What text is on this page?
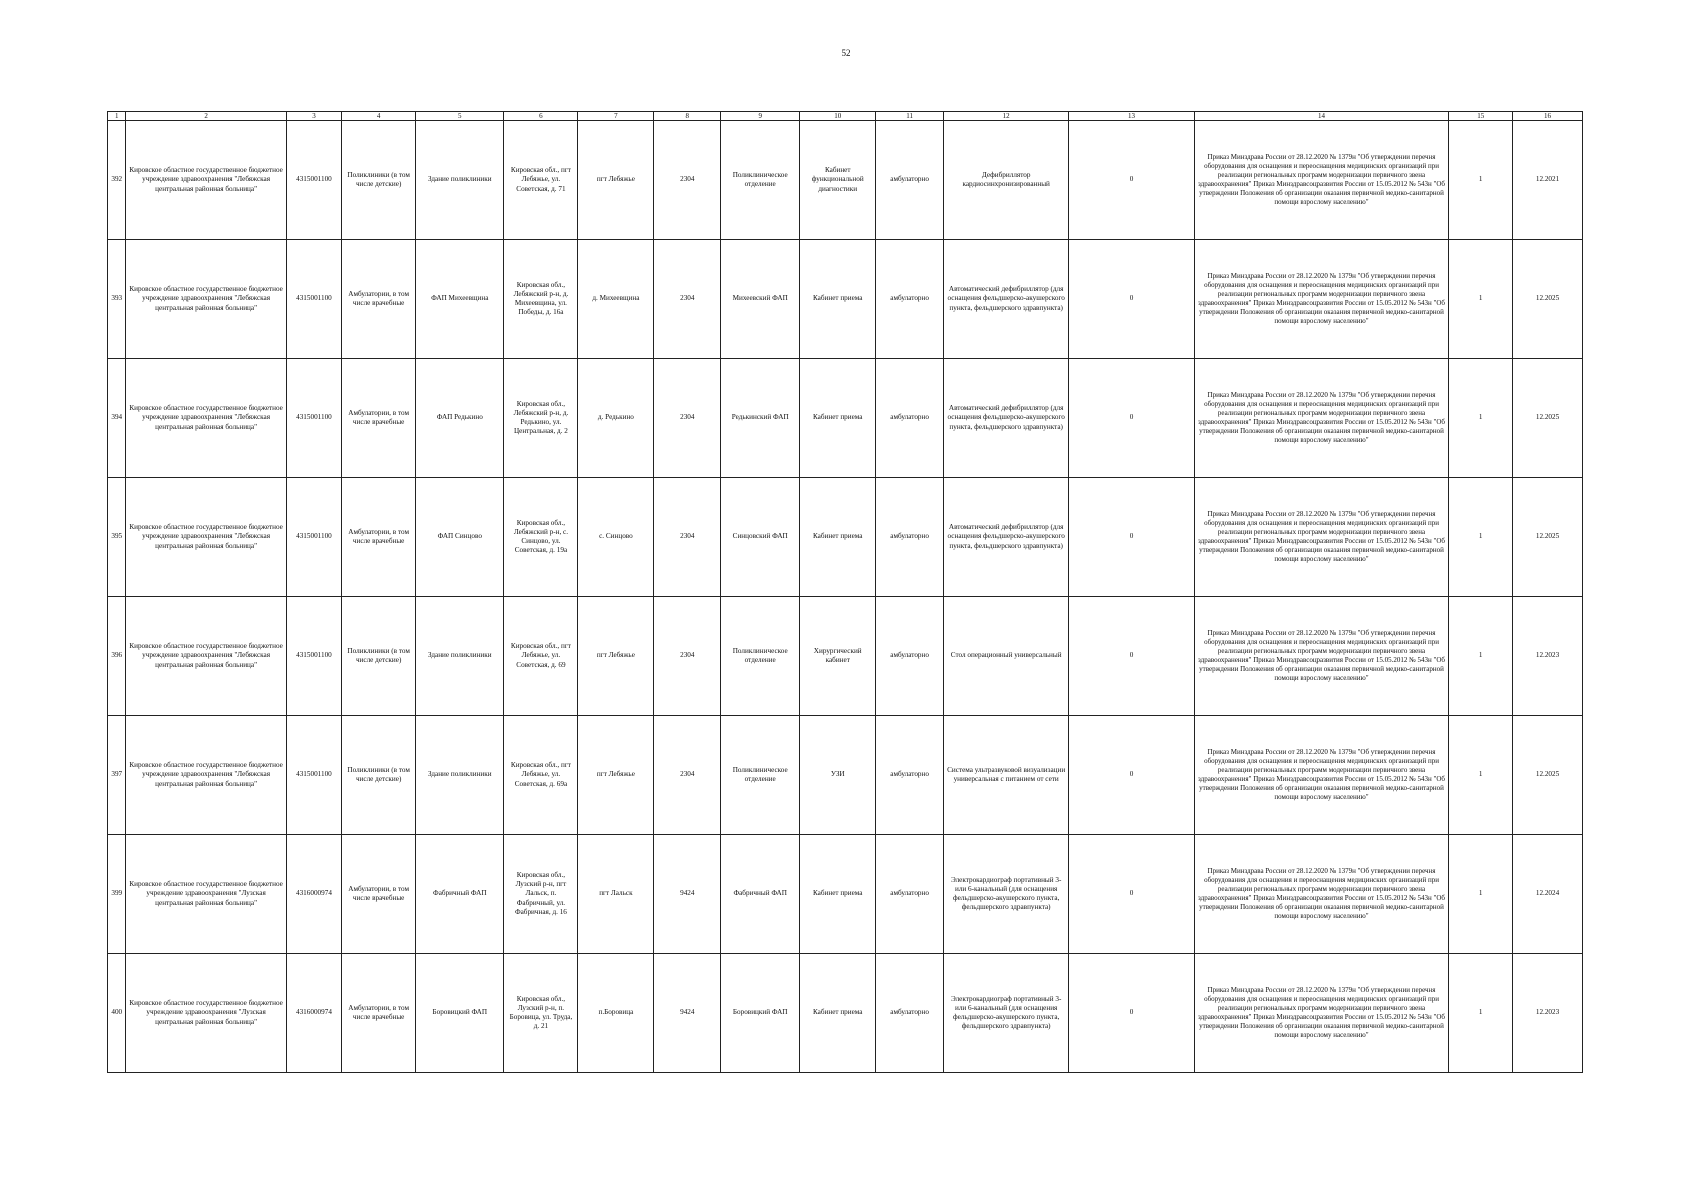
52
1	2	3	4	5	6	7	8	9	10	11	12	13	14	15	16
392	Кировское областное государственное бюджетное учреждение здравоохранения "Лебяжская центральная районная больница"	4315001100	Поликлиники (в том числе детские)	Здание поликлиники	Кировская обл., пгт Лебяжье, ул. Советская, д. 71	пгт Лебяжье	2304	Поликлиническое отделение	Кабинет функциональной диагностики	амбулаторно	Дефибриллятор кардиосинхронизированный	0	Приказ Минздрава России от 28.12.2020 № 1379н "Об утверждении перечня оборудования для оснащения и переоснащения медицинских организаций при реализации региональных программ модернизации первичного звена здравоохранения" Приказ Минздравсоцразвития России от 15.05.2012 № 543н "Об утверждении Положения об организации оказания первичной медико-санитарной помощи взрослому населению"	1	12.2021
393	Кировское областное государственное бюджетное учреждение здравоохранения "Лебяжская центральная районная больница"	4315001100	Амбулатории, в том числе врачебные	ФАП Михеевщина	Кировская обл., Лебяжский р-н, д. Михеевщина, ул. Победы, д. 16а	д. Михеевщина	2304	Михеевский ФАП	Кабинет приема	амбулаторно	Автоматический дефибриллятор (для оснащения фельдшерско-акушерского пункта, фельдшерского здравпункта)	0	Приказ Минздрава России от 28.12.2020 № 1379н "Об утверждении перечня оборудования для оснащения и переоснащения медицинских организаций при реализации региональных программ модернизации первичного звена здравоохранения" Приказ Минздравсоцразвития России от 15.05.2012 № 543н "Об утверждении Положения об организации оказания первичной медико-санитарной помощи взрослому населению"	1	12.2025
394	Кировское областное государственное бюджетное учреждение здравоохранения "Лебяжская центральная районная больница"	4315001100	Амбулатории, в том числе врачебные	ФАП Редькино	Кировская обл., Лебяжский р-н, д. Редькино, ул. Центральная, д. 2	д. Редькино	2304	Редькинский ФАП	Кабинет приема	амбулаторно	Автоматический дефибриллятор (для оснащения фельдшерско-акушерского пункта, фельдшерского здравпункта)	0	Приказ Минздрава России от 28.12.2020 № 1379н "Об утверждении перечня оборудования для оснащения и переоснащения медицинских организаций при реализации региональных программ модернизации первичного звена здравоохранения" Приказ Минздравсоцразвития России от 15.05.2012 № 543н "Об утверждении Положения об организации оказания первичной медико-санитарной помощи взрослому населению"	1	12.2025
395	Кировское областное государственное бюджетное учреждение здравоохранения "Лебяжская центральная районная больница"	4315001100	Амбулатории, в том числе врачебные	ФАП Синцово	Кировская обл., Лебяжский р-н, с. Синцово, ул. Советская, д. 19а	с. Синцово	2304	Синцовский ФАП	Кабинет приема	амбулаторно	Автоматический дефибриллятор (для оснащения фельдшерско-акушерского пункта, фельдшерского здравпункта)	0	Приказ Минздрава России от 28.12.2020 № 1379н "Об утверждении перечня оборудования для оснащения и переоснащения медицинских организаций при реализации региональных программ модернизации первичного звена здравоохранения" Приказ Минздравсоцразвития России от 15.05.2012 № 543н "Об утверждении Положения об организации оказания первичной медико-санитарной помощи взрослому населению"	1	12.2025
396	Кировское областное государственное бюджетное учреждение здравоохранения "Лебяжская центральная районная больница"	4315001100	Поликлиники (в том числе детские)	Здание поликлиники	Кировская обл., пгт Лебяжье, ул. Советская, д. 69	пгт Лебяжье	2304	Поликлиническое отделение	Хирургический кабинет	амбулаторно	Стол операционный универсальный	0	Приказ Минздрава России от 28.12.2020 № 1379н "Об утверждении перечня оборудования для оснащения и переоснащения медицинских организаций при реализации региональных программ модернизации первичного звена здравоохранения" Приказ Минздравсоцразвития России от 15.05.2012 № 543н "Об утверждении Положения об организации оказания первичной медико-санитарной помощи взрослому населению"	1	12.2023
397	Кировское областное государственное бюджетное учреждение здравоохранения "Лебяжская центральная районная больница"	4315001100	Поликлиники (в том числе детские)	Здание поликлиники	Кировская обл., пгт Лебяжье, ул. Советская, д. 69а	пгт Лебяжье	2304	Поликлиническое отделение	УЗИ	амбулаторно	Система ультразвуковой визуализации универсальная с питанием от сети	0	Приказ Минздрава России от 28.12.2020 № 1379н "Об утверждении перечня оборудования для оснащения и переоснащения медицинских организаций при реализации региональных программ модернизации первичного звена здравоохранения" Приказ Минздравсоцразвития России от 15.05.2012 № 543н "Об утверждении Положения об организации оказания первичной медико-санитарной помощи взрослому населению"	1	12.2025
399	Кировское областное государственное бюджетное учреждение здравоохранения "Лузская центральная районная больница"	4316000974	Амбулатории, в том числе врачебные	Фабричный ФАП	Кировская обл., Лузский р-н, пгт Лальск, п. Фабричный, ул. Фабричная, д. 16	пгт Лальск	9424	Фабричный ФАП	Кабинет приема	амбулаторно	Электрокардиограф портативный 3- или 6-канальный (для оснащения фельдшерско-акушерского пункта, фельдшерского здравпункта)	0	Приказ Минздрава России от 28.12.2020 № 1379н "Об утверждении перечня оборудования для оснащения и переоснащения медицинских организаций при реализации региональных программ модернизации первичного звена здравоохранения" Приказ Минздравсоцразвития России от 15.05.2012 № 543н "Об утверждении Положения об организации оказания первичной медико-санитарной помощи взрослому населению"	1	12.2024
400	Кировское областное государственное бюджетное учреждение здравоохранения "Лузская центральная районная больница"	4316000974	Амбулатории, в том числе врачебные	Боровицкий ФАП	Кировская обл., Лузский р-н, п. Боровица, ул. Труда, д. 21	п.Боровица	9424	Боровицкий ФАП	Кабинет приема	амбулаторно	Электрокардиограф портативный 3- или 6-канальный (для оснащения фельдшерско-акушерского пункта, фельдшерского здравпункта)	0	Приказ Минздрава России от 28.12.2020 № 1379н "Об утверждении перечня оборудования для оснащения и переоснащения медицинских организаций при реализации региональных программ модернизации первичного звена здравоохранения" Приказ Минздравсоцразвития России от 15.05.2012 № 543н "Об утверждении Положения об организации оказания первичной медико-санитарной помощи взрослому населению"	1	12.2023
